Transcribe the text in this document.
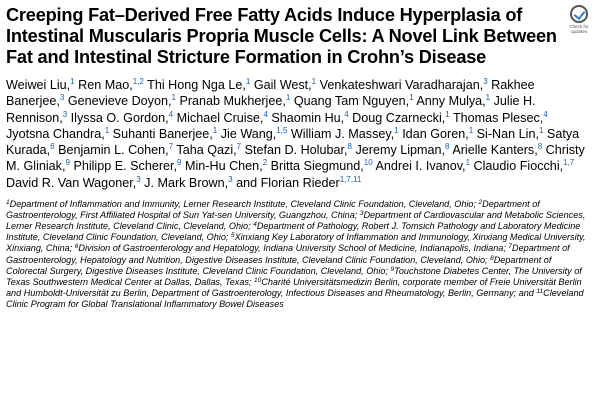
Creeping Fat–Derived Free Fatty Acids Induce Hyperplasia of Intestinal Muscularis Propria Muscle Cells: A Novel Link Between Fat and Intestinal Stricture Formation in Crohn’s Disease
Check for updates
Weiwei Liu,$^1$ Ren Mao,$^{1,2}$ Thi Hong Nga Le,$^1$ Gail West,$^1$ Venkateshwari Varadharajan,$^3$ Rakhee Banerjee,$^3$ Genevieve Doyon,$^1$ Pranab Mukherjee,$^1$ Quang Tam Nguyen,$^1$ Anny Mulya,$^1$ Julie H. Rennison,$^3$ Ilyssa O. Gordon,$^4$ Michael Cruise,$^4$ Shaomin Hu,$^4$ Doug Czarnecki,$^1$ Thomas Plesec,$^4$ Jyotsna Chandra,$^1$ Suhanti Banerjee,$^1$ Jie Wang,$^{1,5}$ William J. Massey,$^1$ Idan Goren,$^1$ Si-Nan Lin,$^1$ Satya Kurada,$^6$ Benjamin L. Cohen,$^7$ Taha Qazi,$^7$ Stefan D. Holubar,$^8$ Jeremy Lipman,$^8$ Arielle Kanters,$^8$ Christy M. Gliniak,$^9$ Philipp E. Scherer,$^9$ Min-Hu Chen,$^2$ Britta Siegmund,$^{10}$ Andrei I. Ivanov,$^1$ Claudio Fiocchi,$^{1,7}$ David R. Van Wagoner,$^3$ J. Mark Brown,$^3$ and Florian Rieder$^{1,7,11}$
$^1$Department of Inflammation and Immunity, Lerner Research Institute, Cleveland Clinic Foundation, Cleveland, Ohio; $^2$Department of Gastroenterology, First Affiliated Hospital of Sun Yat-sen University, Guangzhou, China; $^3$Department of Cardiovascular and Metabolic Sciences, Lerner Research Institute, Cleveland Clinic, Cleveland, Ohio; $^4$Department of Pathology, Robert J. Tomsich Pathology and Laboratory Medicine Institute, Cleveland Clinic Foundation, Cleveland, Ohio; $^5$Xinxiang Key Laboratory of Inflammation and Immunology, Xinxiang Medical University, Xinxiang, China; $^6$Division of Gastroenterology and Hepatology, Indiana University School of Medicine, Indianapolis, Indiana; $^7$Department of Gastroenterology, Hepatology and Nutrition, Digestive Diseases Institute, Cleveland Clinic Foundation, Cleveland, Ohio; $^8$Department of Colorectal Surgery, Digestive Diseases Institute, Cleveland Clinic Foundation, Cleveland, Ohio; $^9$Touchstone Diabetes Center, The University of Texas Southwestern Medical Center at Dallas, Dallas, Texas; $^{10}$Charité Universitätsmedizin Berlin, corporate member of Freie Universität Berlin and Humboldt-Universität zu Berlin, Department of Gastroenterology, Infectious Diseases and Rheumatology, Berlin, Germany; and $^{11}$Cleveland Clinic Program for Global Translational Inflammatory Bowel Diseases
